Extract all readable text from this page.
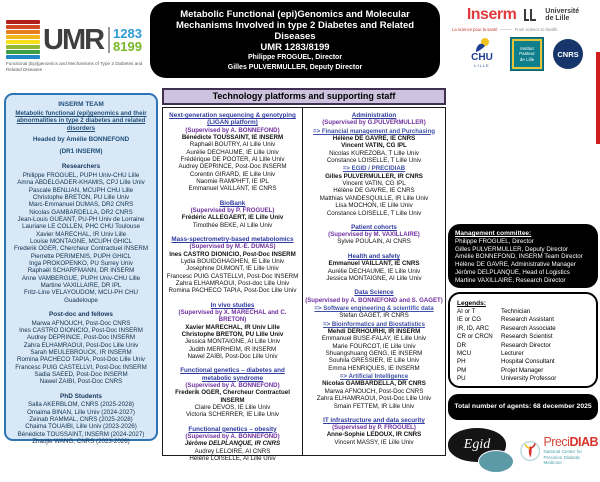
UMR 1283
8199
Functional (Epi)genomics and Mechanisms of Type 2 Diabetes and Related Diseases
Metabolic Functional (epi)Genomics and Molecular Mechanisms Involved in type 2 Diabetes and Related Diseases
UMR 1283/8199
Philippe FROGUEL, Director
Gilles PULVERMULLER, Deputy Director
Inserm	Université
de Lille
La science pour la santé  ———  From science to health
CHU
LILLE
Institut
Pasteur
de Lille
CNRS
INSERM TEAM
Metabolic functional (epi)genomics and their abnormalities in type 2 diabetes and related disorders
Headed by Amélie BONNEFOND
(DR1 INSERM)
Researchers
Philippe FROGUEL, PUPH Univ-CHU Lille
Amna ABDELGADER-KHAMIS, CPJ Lille Univ
Pascale BENLIAN, MCUPH CHU Lille
Christophe BRETON, PU Lille Univ
Marc-Emmanuel DUMAS, DR2 CNRS
Nicolas GAMBARDELLA, DR2 CNRS
Jean-Louis GUEANT, PU-PH Univ de Lorraine
Lauriane LE COLLEN, PHC CHU Toulouse
Xavier MARECHAL, IR Univ Lille
Louise MONTAGNE, MCUPH GHICL
Frederik OGER, Chercheur Contractuel INSERM
Pierrette PERIMENIS, PUPH GHICL
Inga PROKOPENKO, PU Surrey Univ
Raphaël SCHARFMANN, DR INSERM
Anne VAMBERGUE, PUPH Univ-CHU Lille
Martine VAXILLAIRE, DR IPL
Fritz-Line VELAYOUDOM, MCU-PH CHU Guadeloupe
Post-doc and fellows
Marwa AFNOUCH, Post-Doc CNRS
Ines CASTRO DIONICIO, Post-Doc INSERM
Audrey DEPRINCE, Post-Doc INSERM
Zahra ELHAMRAOUI, Post-Doc Lille Univ
Sarah MEULEBROUCK, IR INSERM
Romina PACHECO TAPIA, Post-Doc Lille Univ
Francesc PUIG CASTELLVI, Post-Doc INSERM
Sadia SAEED, Post-Doc INSERM
Nawel ZAIBI, Post-Doc CNRS
PhD Students
Salla AKERBLOM, CNRS (2025-2028)
Omaima BINAN, Lille Univ (2024-2027)
Zeinab RAMMAL, CNRS (2025-2028)
Chaima TOUAIBI, Lille Univ (2023-2026)
Bénédicte TOUSSAINT, INSERM (2024-2027)
Zhaojie WANG, CNRS (2023-2026)
Technology platforms and supporting staff
Next-generation sequencing & genotyping (LIGAN platform)
(Supervised by A. BONNEFOND)
Bénédicte TOUSSAINT, IE INSERM
Raphaël BOUTRY, AI Lille Univ
Aurélie DECHAUME, IE Lille Univ
Frédérique DE POOTER, AI Lille Univ
Audrey DEPRINCE, Post-Doc INSERM
Corentin GIRARD, IE Lille Univ
Naomie RAMPHFT, IE IPL
Emmanuel VAILLANT, IE CNRS
BioBank
(Supervised by P. FROGUEL)
Frédéric ALLEGAERT, IE Lille Univ
Timothée BEKE, AI Lille Univ
Mass-spectrometry-based metabolomics
(Supervised by M.-E. DUMAS)
Ines CASTRO DIONICIO, Post-Doc INSERM
Lydia BOUIDGHAGHEN, IE Lille Univ
Joséphine DUMONT, IE Lille Univ
Francesc PUIG CASTELLVI, Post-Doc INSERM
Zahra ELHAMRAOUI, Post-doc Lille Univ
Romina PACHECO TAPIA, Post-Doc Lille Univ
In vivo studies
(Supervised by X. MARECHAL and C. BRETON)
Xavier MARECHAL, IR Univ Lille
Christophe BRETON, PU Lille Univ
Jessica MONTAIGNE, AI Lille Univ
Judith MERRHEIM, IR INSERM
Nawel ZAIBI, Post-Doc Lille Univ
Functional genetics – diabetes and metabolic syndrome
(Supervised by A. BONNEFOND)
Frederik OGER, Chercheur Contractuel INSERM
Claire DEVOS, IE Lille Univ
Victoria SCHERRER, IE Lille Univ
Functional genetics – obesity
(Supervised by A. BONNEFOND)
Jérôme DELPLANQUE, IR CNRS
Audrey LELOIRE, AI CNRS
Hélène LOISELLE, AI Lille Univ
Administration
(Supervised by G.PULVERMULLER)
=> Financial management and Purchasing
Hélène DE GAVRE, IE CNRS
Vincent VATIN, CG IPL
Nicolas KUREZOBA, T Lille Univ
Constance LOISELLE, T Lille Univ
=> EGID / PRECIDIAB
Gilles PULVERMULLER, IR CNRS
Vincent VATIN, CG IPL
Hélène DE GAVRE, IE CNRS
Matthias VANDESQUILLE, IR Lille Univ
Lisa MOCHON, IE Lille Univ
Constance LOISELLE, T Lille Univ
Patient cohorts
(Supervised by M. VAXILLAIRE)
Sylvie POULAIN, AI CNRS
Health and safety
Emmanuel VAILLANT, IE CNRS
Aurélie DECHAUME, IE Lille Univ
Jessica MONTAIGNE, AI Lille Univ
Data Science
(Supervised by A. BONNEFOND and S. GAGET)
=> Software engineering & scientific data
Stefan GAGET, IR CNRS
=> Bioinformatics and Biostatistics
Mehdi DERHOURHI, IR INSERM
Emmanuel BUSE-FALAY, IE Lille Univ
Marie FOURCOT, IE Lille Univ
Shuangshuang GENG, IE INSERM
Souhila GRESSIER, IE Lille Univ
Emma HENRIQUES, IE INSERM
=> Artificial Intelligence
Nicolas GAMBARDELLA, DR CNRS
Marwa AFNOUCH, Post-Doc CNRS
Zahra ELHAMRAOUI, Post-Doc Lille Univ
Smain FETTEM, IR Lille Univ
IT infrastructure and data security
(Supervised by P. FROGUEL)
Anne-Sophie LEDOUX, IR CNRS
Vincent MASSY, IE Lille Univ
Management committee:
Philippe FROGUEL, Director
Gilles PULVERMULLER, Deputy Director
Amélie BONNEFOND, INSERM Team Director
Hélène DE GAVRE, Administrative Manager
Jérôme DELPLANQUE, Head of Logistics
Martine VAXILLAIRE, Research Director
Legends:
AI or T	Technician
IE or CG	Research Assistant
IR, ID, ARC	Research Associate
CR or CRCN	Research Scientist
DR	Research Director
MCU	Lecturer
PH	Hospital Consultant
PM	Projet Manager
PU	University Professor
Total number of agents: 68 december 2025
Egid	PreciDIAB
National Center for
Precision Diabetic Medicine
